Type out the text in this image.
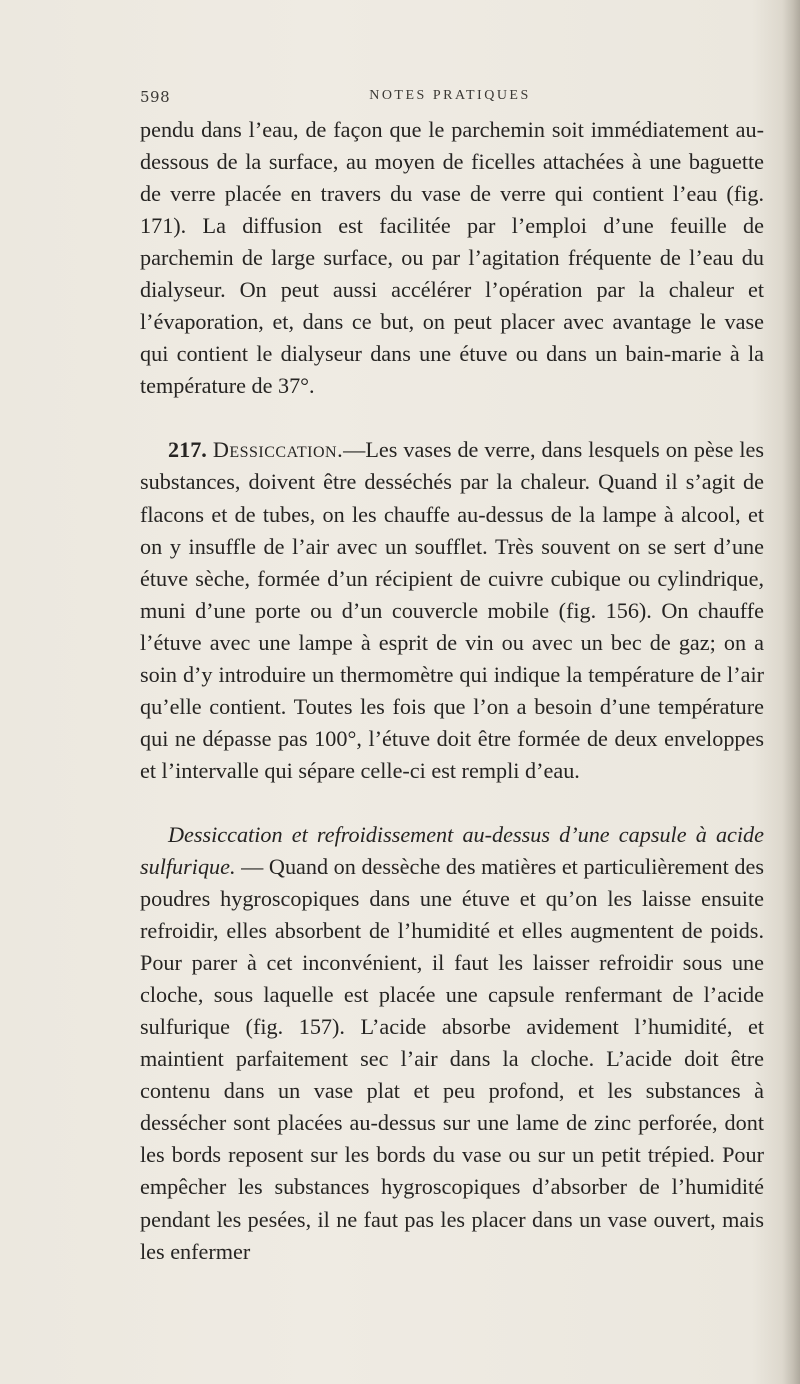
598	NOTES PRATIQUES

pendu dans l’eau, de façon que le parchemin soit immédiatement au-dessous de la surface, au moyen de ficelles attachées à une baguette de verre placée en travers du vase de verre qui contient l’eau (fig. 171). La diffusion est facilitée par l’emploi d’une feuille de parchemin de large surface, ou par l’agitation fréquente de l’eau du dialyseur. On peut aussi accélérer l’opération par la chaleur et l’évaporation, et, dans ce but, on peut placer avec avantage le vase qui contient le dialyseur dans une étuve ou dans un bain-marie à la température de 37°.

217. Dessiccation.—Les vases de verre, dans lesquels on pèse les substances, doivent être desséchés par la chaleur. Quand il s’agit de flacons et de tubes, on les chauffe au-dessus de la lampe à alcool, et on y insuffle de l’air avec un soufflet. Très souvent on se sert d’une étuve sèche, formée d’un récipient de cuivre cubique ou cylindrique, muni d’une porte ou d’un couvercle mobile (fig. 156). On chauffe l’étuve avec une lampe à esprit de vin ou avec un bec de gaz; on a soin d’y introduire un thermomètre qui indique la température de l’air qu’elle contient. Toutes les fois que l’on a besoin d’une température qui ne dépasse pas 100°, l’étuve doit être formée de deux enveloppes et l’intervalle qui sépare celle-ci est rempli d’eau.

Dessiccation et refroidissement au-dessus d’une capsule à acide sulfurique. — Quand on dessèche des matières et particulièrement des poudres hygroscopiques dans une étuve et qu’on les laisse ensuite refroidir, elles absorbent de l’humidité et elles augmentent de poids. Pour parer à cet inconvénient, il faut les laisser refroidir sous une cloche, sous laquelle est placée une capsule renfermant de l’acide sulfurique (fig. 157). L’acide absorbe avidement l’humidité, et maintient parfaitement sec l’air dans la cloche. L’acide doit être contenu dans un vase plat et peu profond, et les substances à dessécher sont placées au-dessus sur une lame de zinc perforée, dont les bords reposent sur les bords du vase ou sur un petit trépied. Pour empêcher les substances hygroscopiques d’absorber de l’humidité pendant les pesées, il ne faut pas les placer dans un vase ouvert, mais les enfermer
